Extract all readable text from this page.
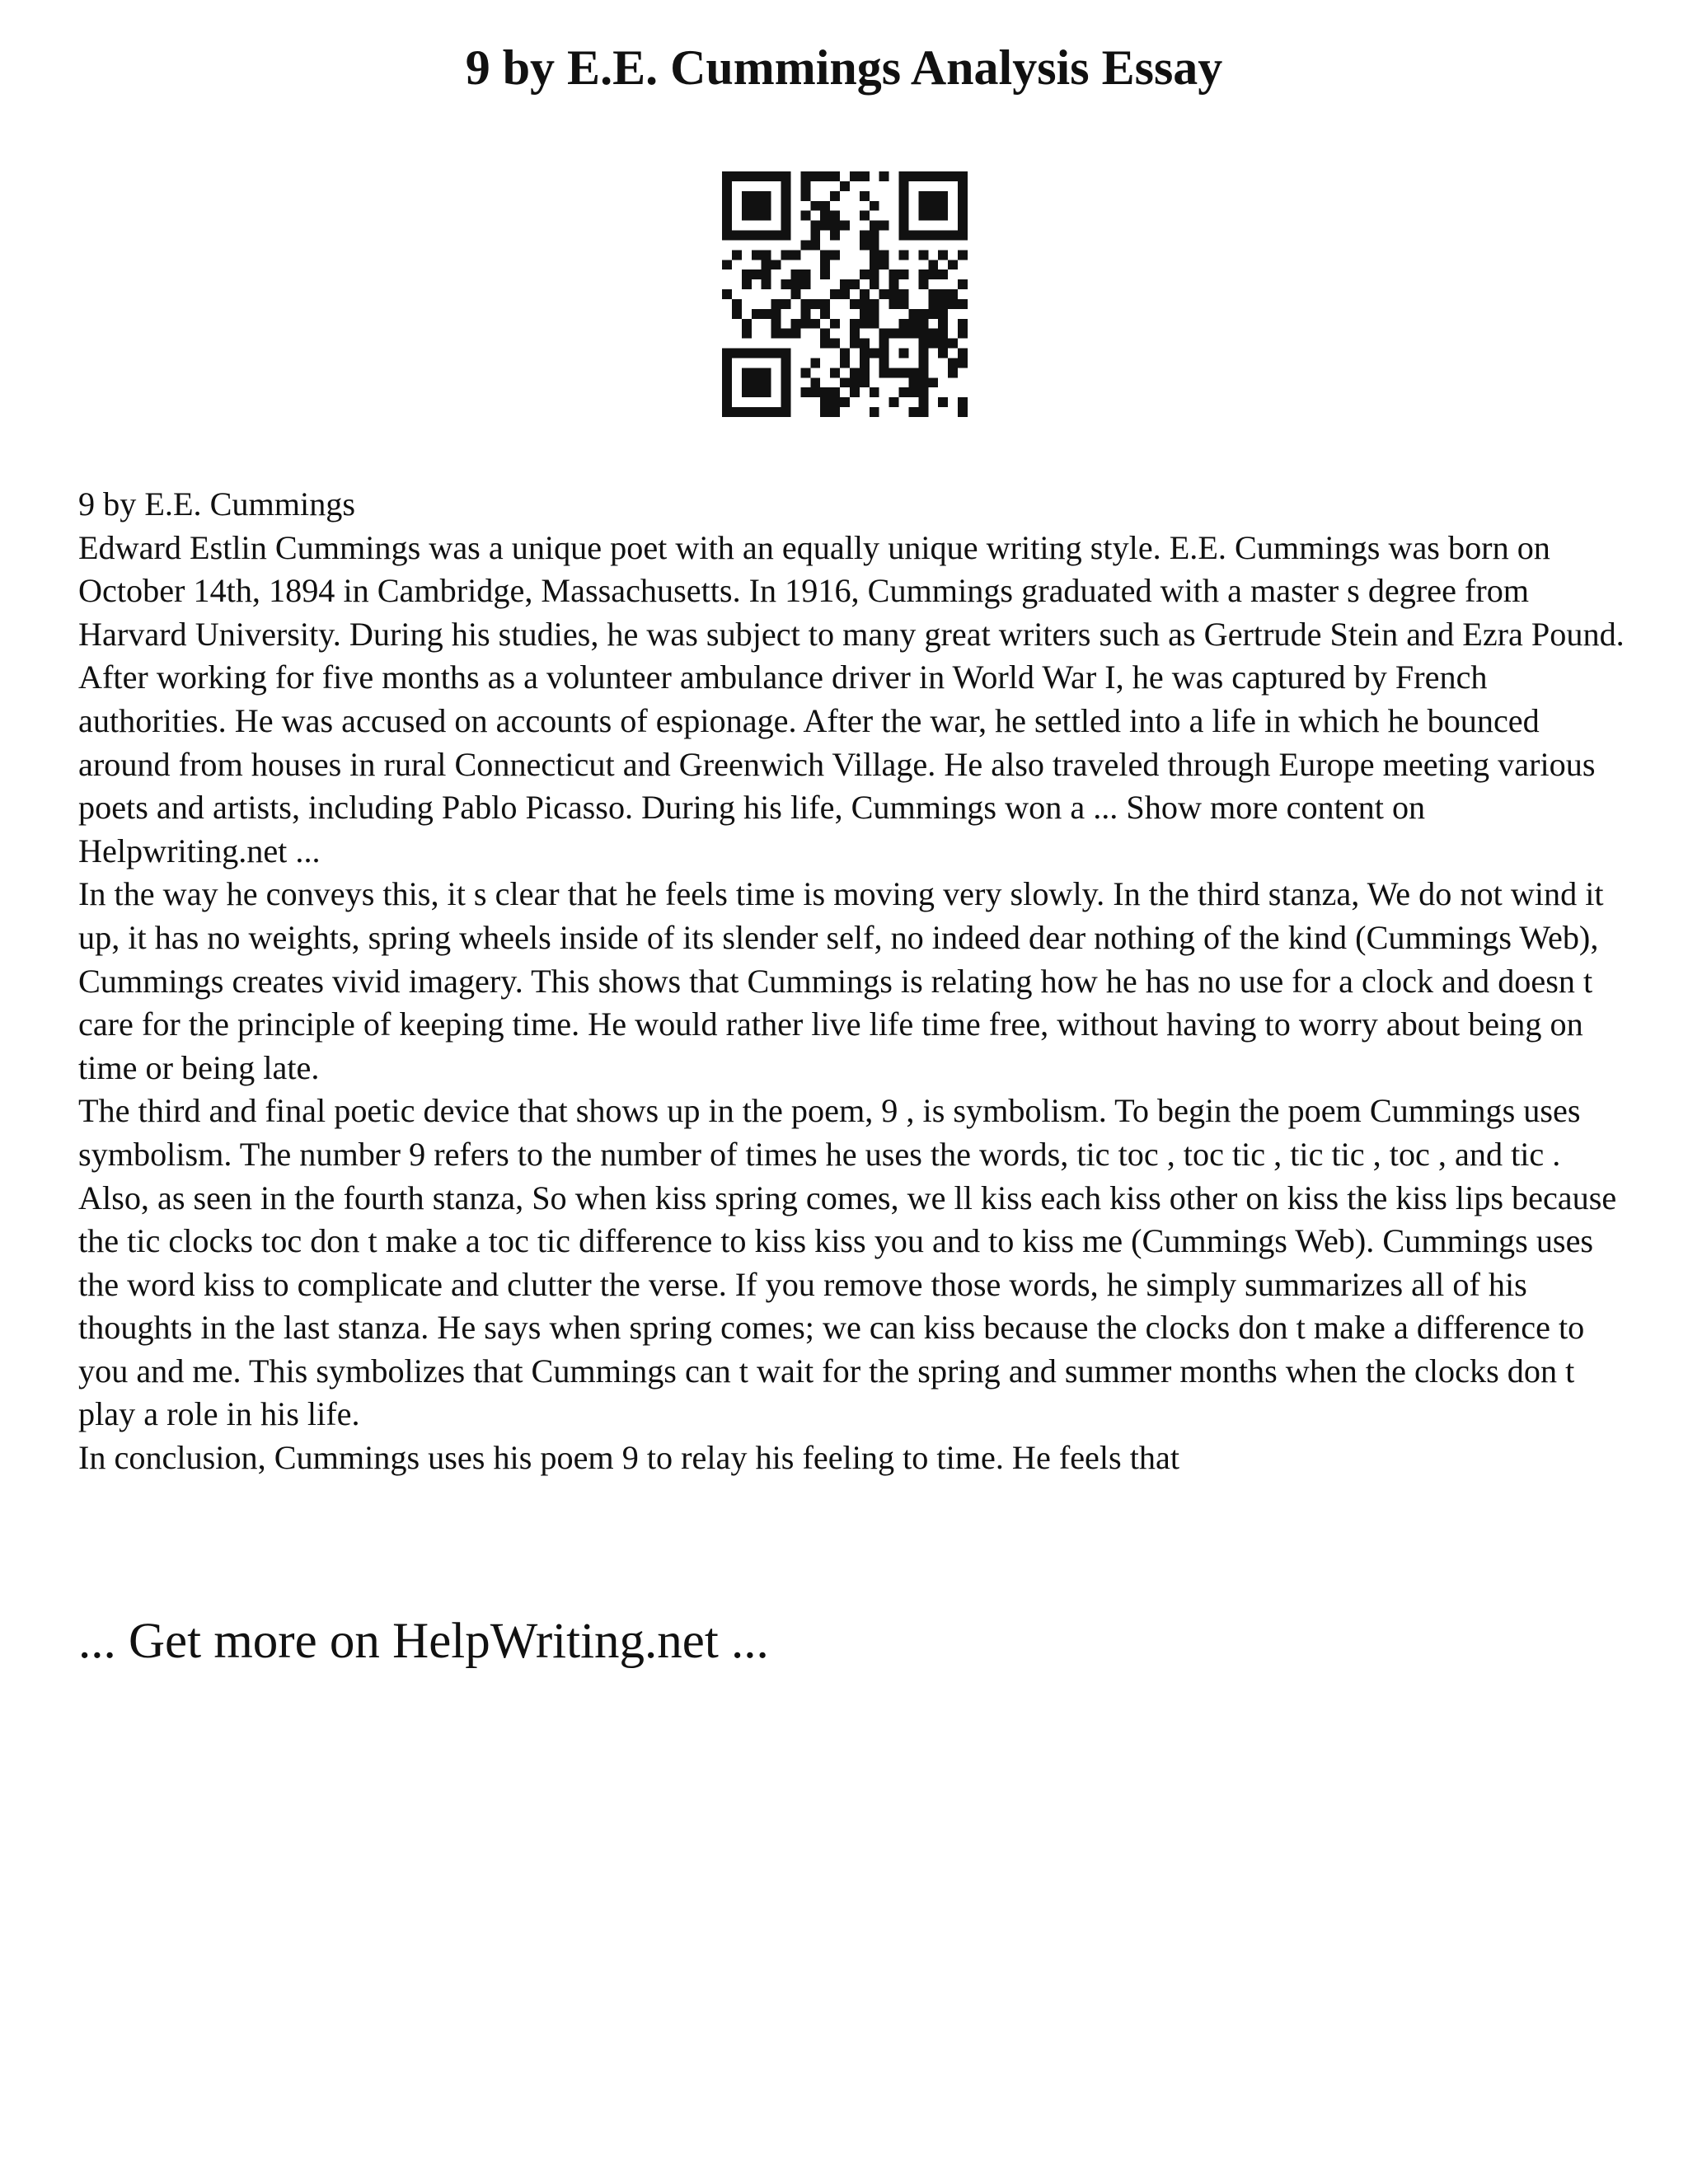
9 by E.E. Cummings Analysis Essay

9 by E.E. Cummings

Edward Estlin Cummings was a unique poet with an equally unique writing style. E.E. Cummings was born on October 14th, 1894 in Cambridge, Massachusetts. In 1916, Cummings graduated with a master s degree from Harvard University. During his studies, he was subject to many great writers such as Gertrude Stein and Ezra Pound. After working for five months as a volunteer ambulance driver in World War I, he was captured by French authorities. He was accused on accounts of espionage. After the war, he settled into a life in which he bounced around from houses in rural Connecticut and Greenwich Village. He also traveled through Europe meeting various poets and artists, including Pablo Picasso. During his life, Cummings won a ... Show more content on Helpwriting.net ...

In the way he conveys this, it s clear that he feels time is moving very slowly. In the third stanza, We do not wind it up, it has no weights, spring wheels inside of its slender self, no indeed dear nothing of the kind (Cummings Web), Cummings creates vivid imagery. This shows that Cummings is relating how he has no use for a clock and doesn t care for the principle of keeping time. He would rather live life time free, without having to worry about being on time or being late.

The third and final poetic device that shows up in the poem, 9 , is symbolism. To begin the poem Cummings uses symbolism. The number 9 refers to the number of times he uses the words, tic toc , toc tic , tic tic , toc , and tic . Also, as seen in the fourth stanza, So when kiss spring comes, we ll kiss each kiss other on kiss the kiss lips because the tic clocks toc don t make a toc tic difference to kiss kiss you and to kiss me (Cummings Web). Cummings uses the word kiss to complicate and clutter the verse. If you remove those words, he simply summarizes all of his thoughts in the last stanza. He says when spring comes; we can kiss because the clocks don t make a difference to you and me. This symbolizes that Cummings can t wait for the spring and summer months when the clocks don t play a role in his life.

In conclusion, Cummings uses his poem 9 to relay his feeling to time. He feels that

... Get more on HelpWriting.net ...
